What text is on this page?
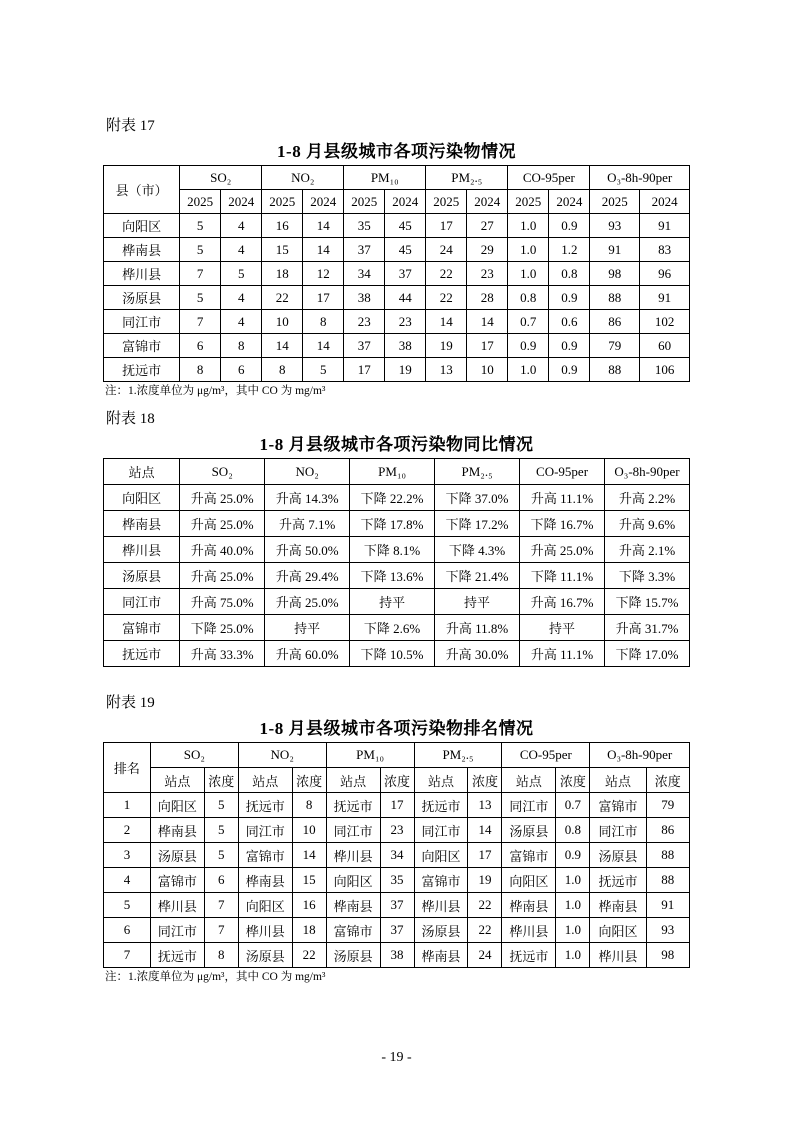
附表 17
1-8 月县级城市各项污染物情况
县（市）	SO₂		NO₂		PM₁₀		PM₂.₅		CO-95per		O₃-8h-90per	
	2025	2024	2025	2024	2025	2024	2025	2024	2025	2024	2025	2024
向阳区	5	4	16	14	35	45	17	27	1.0	0.9	93	91
桦南县	5	4	15	14	37	45	24	29	1.0	1.2	91	83
桦川县	7	5	18	12	34	37	22	23	1.0	0.8	98	96
汤原县	5	4	22	17	38	44	22	28	0.8	0.9	88	91
同江市	7	4	10	8	23	23	14	14	0.7	0.6	86	102
富锦市	6	8	14	14	37	38	19	17	0.9	0.9	79	60
抚远市	8	6	8	5	17	19	13	10	1.0	0.9	88	106
注：1.浓度单位为 μg/m³，其中 CO 为 mg/m³
附表 18
1-8 月县级城市各项污染物同比情况
站点	SO₂	NO₂	PM₁₀	PM₂.₅	CO-95per	O₃-8h-90per
向阳区	升高 25.0%	升高 14.3%	下降 22.2%	下降 37.0%	升高 11.1%	升高 2.2%
桦南县	升高 25.0%	升高 7.1%	下降 17.8%	下降 17.2%	下降 16.7%	升高 9.6%
桦川县	升高 40.0%	升高 50.0%	下降 8.1%	下降 4.3%	升高 25.0%	升高 2.1%
汤原县	升高 25.0%	升高 29.4%	下降 13.6%	下降 21.4%	下降 11.1%	下降 3.3%
同江市	升高 75.0%	升高 25.0%	持平	持平	升高 16.7%	下降 15.7%
富锦市	下降 25.0%	持平	下降 2.6%	升高 11.8%	持平	升高 31.7%
抚远市	升高 33.3%	升高 60.0%	下降 10.5%	升高 30.0%	升高 11.1%	下降 17.0%
附表 19
1-8 月县级城市各项污染物排名情况
排名	SO₂		NO₂		PM₁₀		PM₂.₅		CO-95per		O₃-8h-90per	
	站点	浓度	站点	浓度	站点	浓度	站点	浓度	站点	浓度	站点	浓度
1	向阳区	5	抚远市	8	抚远市	17	抚远市	13	同江市	0.7	富锦市	79
2	桦南县	5	同江市	10	同江市	23	同江市	14	汤原县	0.8	同江市	86
3	汤原县	5	富锦市	14	桦川县	34	向阳区	17	富锦市	0.9	汤原县	88
4	富锦市	6	桦南县	15	向阳区	35	富锦市	19	向阳区	1.0	抚远市	88
5	桦川县	7	向阳区	16	桦南县	37	桦川县	22	桦南县	1.0	桦南县	91
6	同江市	7	桦川县	18	富锦市	37	汤原县	22	桦川县	1.0	向阳区	93
7	抚远市	8	汤原县	22	汤原县	38	桦南县	24	抚远市	1.0	桦川县	98
注：1.浓度单位为 μg/m³，其中 CO 为 mg/m³
- 19 -
